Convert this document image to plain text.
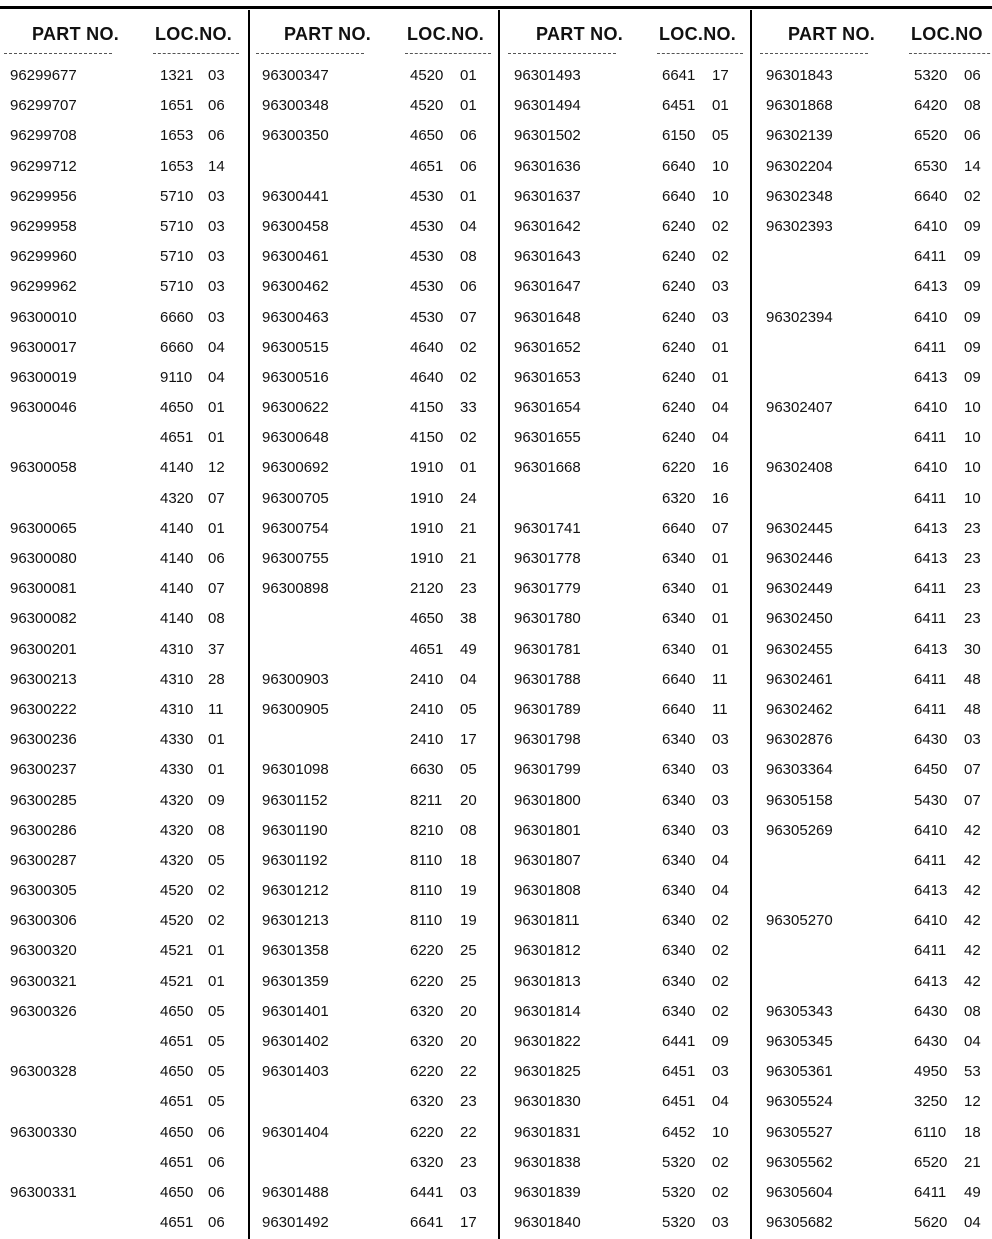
PART NO. LOC.NO.
96299677	1321 03
96299707	1651 06
96299708	1653 06
96299712	1653 14
96299956	5710 03
96299958	5710 03
96299960	5710 03
96299962	5710 03
96300010	6660 03
96300017	6660 04
96300019	9110 04
96300046	4650 01
4651 01
96300058	4140 12
4320 07
96300065	4140 01
96300080	4140 06
96300081	4140 07
96300082	4140 08
96300201	4310 37
96300213	4310 28
96300222	4310 11
96300236	4330 01
96300237	4330 01
96300285	4320 09
96300286	4320 08
96300287	4320 05
96300305	4520 02
96300306	4520 02
96300320	4521 01
96300321	4521 01
96300326	4650 05
4651 05
96300328	4650 05
4651 05
96300330	4650 06
4651 06
96300331	4650 06
4651 06
PART NO. LOC.NO.
96300347	4520 01
96300348	4520 01
96300350	4650 06
4651 06
96300441	4530 01
96300458	4530 04
96300461	4530 08
96300462	4530 06
96300463	4530 07
96300515	4640 02
96300516	4640 02
96300622	4150 33
96300648	4150 02
96300692	1910 01
96300705	1910 24
96300754	1910 21
96300755	1910 21
96300898	2120 23
4650 38
4651 49
96300903	2410 04
96300905	2410 05
2410 17
96301098	6630 05
96301152	8211 20
96301190	8210 08
96301192	8110 18
96301212	8110 19
96301213	8110 19
96301358	6220 25
96301359	6220 25
96301401	6320 20
96301402	6320 20
96301403	6220 22
6320 23
96301404	6220 22
6320 23
96301488	6441 03
96301492	6641 17
PART NO. LOC.NO.
96301493	6641 17
96301494	6451 01
96301502	6150 05
96301636	6640 10
96301637	6640 10
96301642	6240 02
96301643	6240 02
96301647	6240 03
96301648	6240 03
96301652	6240 01
96301653	6240 01
96301654	6240 04
96301655	6240 04
96301668	6220 16
6320 16
96301741	6640 07
96301778	6340 01
96301779	6340 01
96301780	6340 01
96301781	6340 01
96301788	6640 11
96301789	6640 11
96301798	6340 03
96301799	6340 03
96301800	6340 03
96301801	6340 03
96301807	6340 04
96301808	6340 04
96301811	6340 02
96301812	6340 02
96301813	6340 02
96301814	6340 02
96301822	6441 09
96301825	6451 03
96301830	6451 04
96301831	6452 10
96301838	5320 02
96301839	5320 02
96301840	5320 03
PART NO. LOC.NO
96301843	5320 06
96301868	6420 08
96302139	6520 06
96302204	6530 14
96302348	6640 02
96302393	6410 09
6411 09
6413 09
96302394	6410 09
6411 09
6413 09
96302407	6410 10
6411 10
96302408	6410 10
6411 10
96302445	6413 23
96302446	6413 23
96302449	6411 23
96302450	6411 23
96302455	6413 30
96302461	6411 48
96302462	6411 48
96302876	6430 03
96303364	6450 07
96305158	5430 07
96305269	6410 42
6411 42
6413 42
96305270	6410 42
6411 42
6413 42
96305343	6430 08
96305345	6430 04
96305361	4950 53
96305524	3250 12
96305527	6110 18
96305562	6520 21
96305604	6411 49
96305682	5620 04
